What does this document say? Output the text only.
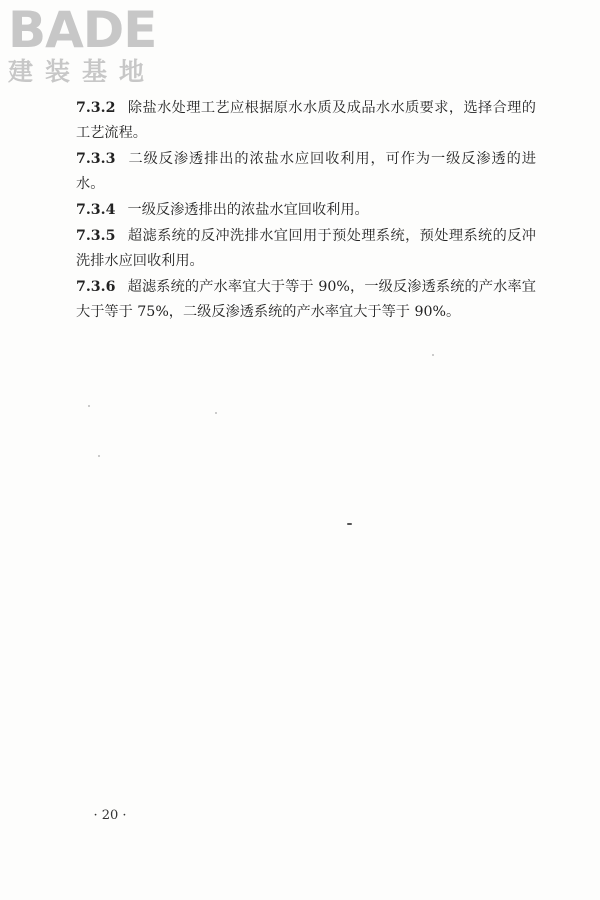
BADE
建装基地

7.3.2 除盐水处理工艺应根据原水水质及成品水水质要求，选择合理的工艺流程。

7.3.3 二级反渗透排出的浓盐水应回收利用，可作为一级反渗透的进水。

7.3.4 一级反渗透排出的浓盐水宜回收利用。

7.3.5 超滤系统的反冲洗排水宜回用于预处理系统，预处理系统的反冲洗排水应回收利用。

7.3.6 超滤系统的产水率宜大于等于 90%，一级反渗透系统的产水率宜大于等于 75%，二级反渗透系统的产水率宜大于等于 90%。

· 20 ·
